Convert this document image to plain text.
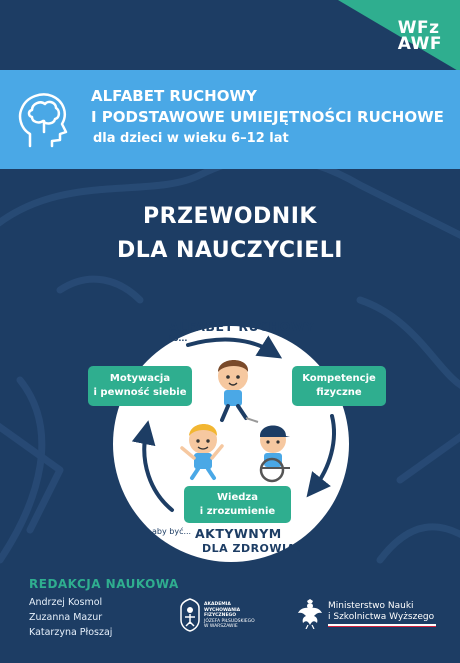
WFz
AWF
ALFABET RUCHOWY
I PODSTAWOWE UMIEJĘTNOŚCI RUCHOWE
dla dzieci w wieku 6–12 lat
PRZEWODNIK
DLA NAUCZYCIELI
ALFABET RUCHOWY
to...
Kompetencje
fizyczne
Motywacja
i pewność siebie
Wiedza
i zrozumienie
aby być... AKTYWNYM
DLA ZDROWIA!
REDAKCJA NAUKOWA
Andrzej Kosmol
Zuzanna Mazur
Katarzyna Płoszaj
AKADEMIA
WYCHOWANIA
FIZYCZNEGO
JÓZEFA PIŁSUDSKIEGO
W WARSZAWIE
Ministerstwo Nauki
i Szkolnictwa Wyższego
